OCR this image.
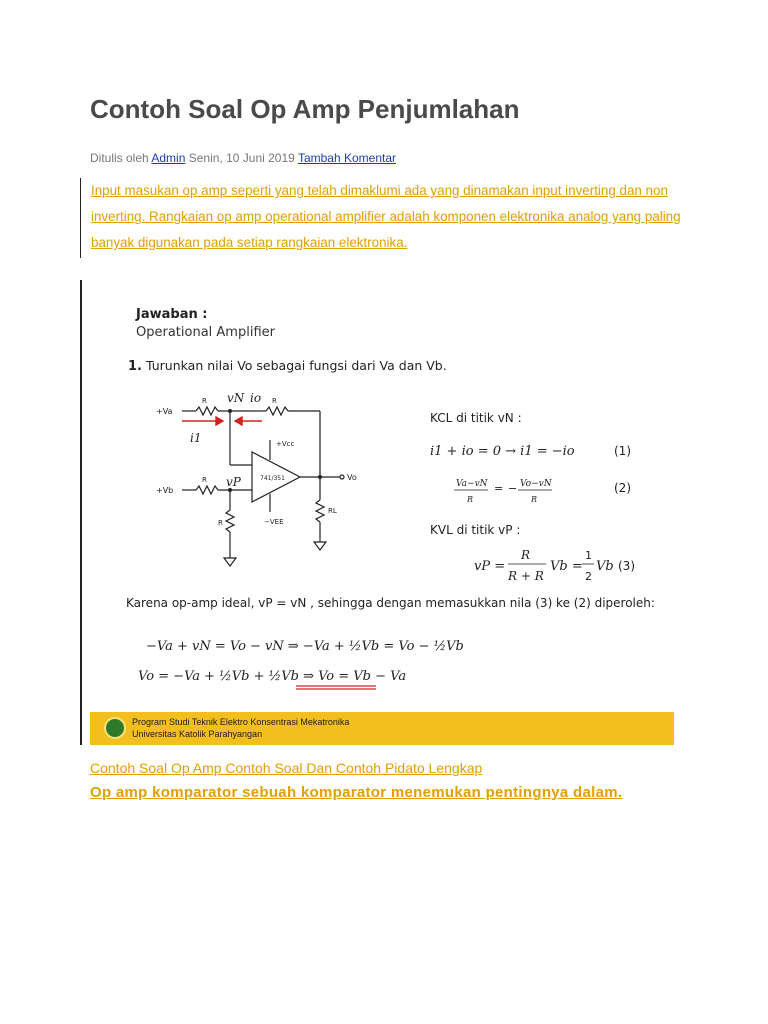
Contoh Soal Op Amp Penjumlahan
Ditulis oleh Admin Senin, 10 Juni 2019 Tambah Komentar

Input masukan op amp seperti yang telah dimaklumi ada yang dinamakan input inverting dan non inverting. Rangkaian op amp operational amplifier adalah komponen elektronika analog yang paling banyak digunakan pada setiap rangkaian elektronika.

Jawaban :
Operational Amplifier
1. Turunkan nilai Vo sebagai fungsi dari Va dan Vb.
+Va
+Vb
R	R
R
R
vN io
i1	+Vcc
−VEE
vP	741/351	Vo
RL
KCL di titik vN :
i1 + io = 0 → i1 = −io	(1)
Va−vN
R
= − Vo−vN
R
(2)
KVL di titik vP :
vP =
R
R + R
Vb =
1
2
Vb (3)
Karena op-amp ideal, vP = vN , sehingga dengan memasukkan nila (3) ke (2) diperoleh:
−Va + vN = Vo − vN ⇒ −Va + ½Vb = Vo − ½Vb
Vo = −Va + ½Vb + ½Vb ⇒ Vo = Vb − Va
Program Studi Teknik Elektro Konsentrasi Mekatronika
Universitas Katolik Parahyangan
Contoh Soal Op Amp Contoh Soal Dan Contoh Pidato Lengkap
Op amp komparator sebuah komparator menemukan pentingnya dalam.
